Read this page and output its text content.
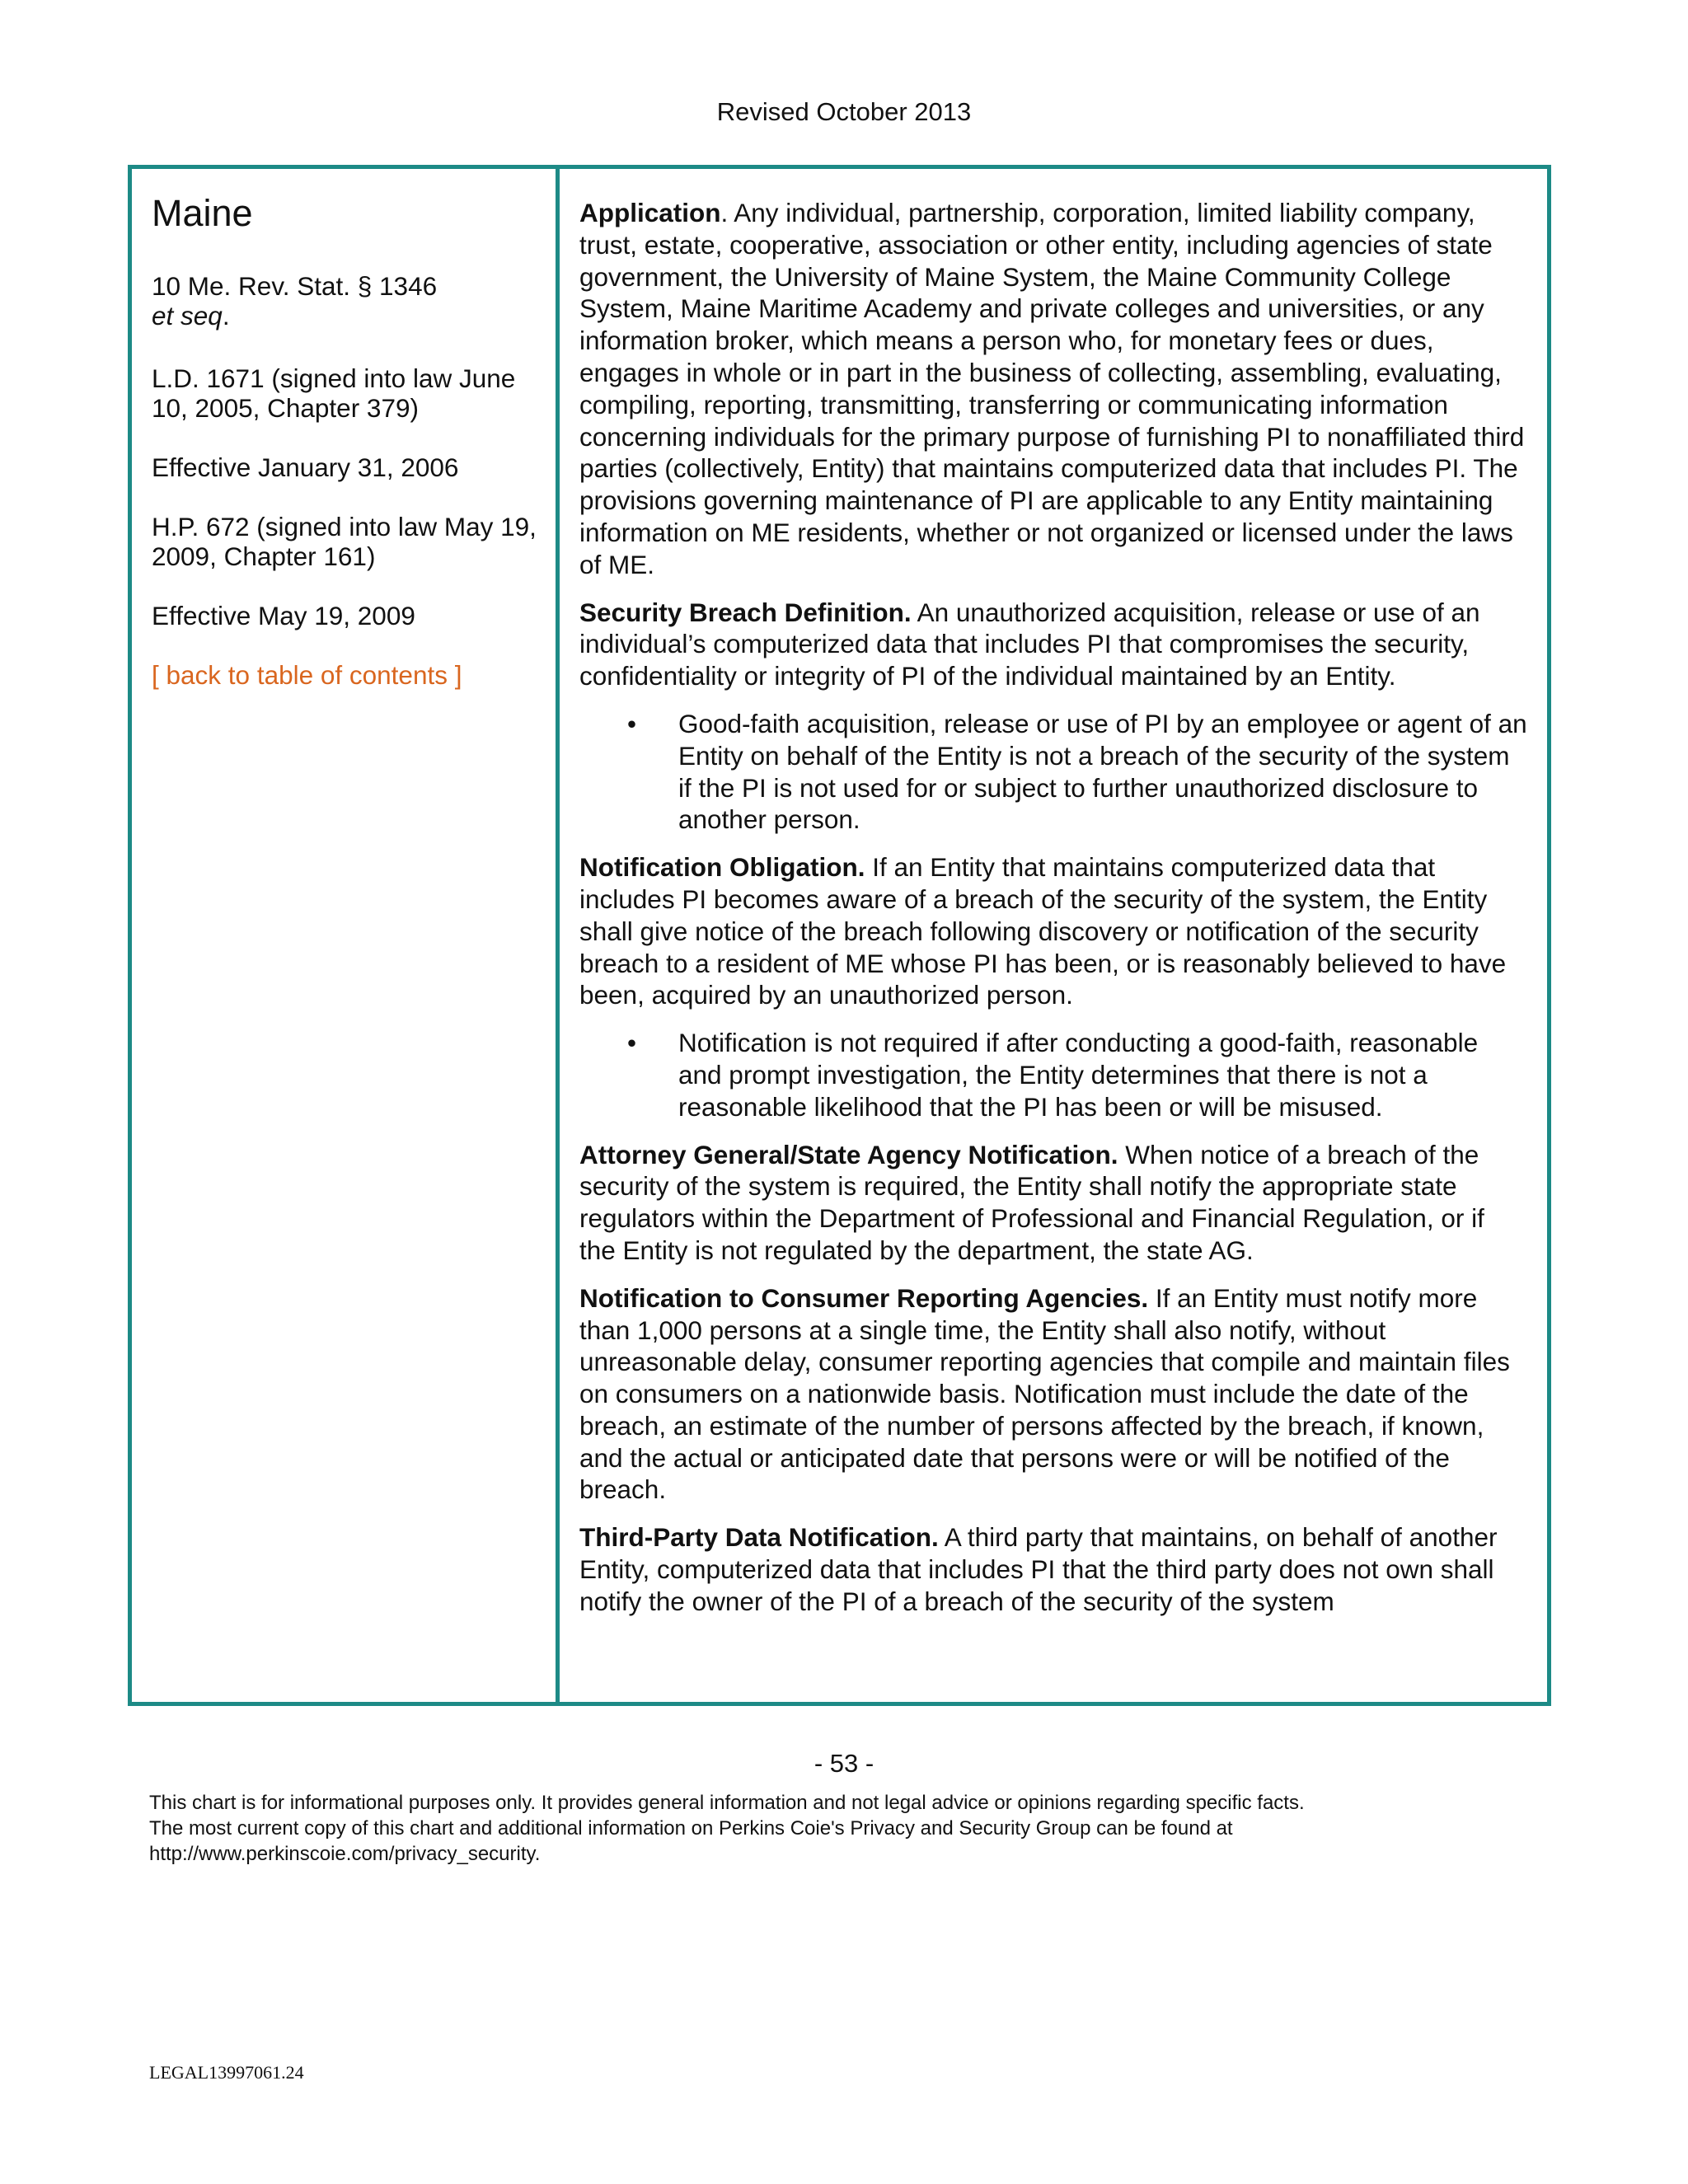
Revised October 2013
Maine

10 Me. Rev. Stat. § 1346
et seq.

L.D. 1671 (signed into law June 10, 2005, Chapter 379)

Effective January 31, 2006

H.P. 672 (signed into law May 19, 2009, Chapter 161)

Effective May 19, 2009

[ back to table of contents ]

Application. Any individual, partnership, corporation, limited liability company, trust, estate, cooperative, association or other entity, including agencies of state government, the University of Maine System, the Maine Community College System, Maine Maritime Academy and private colleges and universities, or any information broker, which means a person who, for monetary fees or dues, engages in whole or in part in the business of collecting, assembling, evaluating, compiling, reporting, transmitting, transferring or communicating information concerning individuals for the primary purpose of furnishing PI to nonaffiliated third parties (collectively, Entity) that maintains computerized data that includes PI. The provisions governing maintenance of PI are applicable to any Entity maintaining information on ME residents, whether or not organized or licensed under the laws of ME.

Security Breach Definition. An unauthorized acquisition, release or use of an individual’s computerized data that includes PI that compromises the security, confidentiality or integrity of PI of the individual maintained by an Entity.

• Good-faith acquisition, release or use of PI by an employee or agent of an Entity on behalf of the Entity is not a breach of the security of the system if the PI is not used for or subject to further unauthorized disclosure to another person.

Notification Obligation. If an Entity that maintains computerized data that includes PI becomes aware of a breach of the security of the system, the Entity shall give notice of the breach following discovery or notification of the security breach to a resident of ME whose PI has been, or is reasonably believed to have been, acquired by an unauthorized person.

• Notification is not required if after conducting a good-faith, reasonable and prompt investigation, the Entity determines that there is not a reasonable likelihood that the PI has been or will be misused.

Attorney General/State Agency Notification. When notice of a breach of the security of the system is required, the Entity shall notify the appropriate state regulators within the Department of Professional and Financial Regulation, or if the Entity is not regulated by the department, the state AG.

Notification to Consumer Reporting Agencies. If an Entity must notify more than 1,000 persons at a single time, the Entity shall also notify, without unreasonable delay, consumer reporting agencies that compile and maintain files on consumers on a nationwide basis. Notification must include the date of the breach, an estimate of the number of persons affected by the breach, if known, and the actual or anticipated date that persons were or will be notified of the breach.

Third-Party Data Notification. A third party that maintains, on behalf of another Entity, computerized data that includes PI that the third party does not own shall notify the owner of the PI of a breach of the security of the system

- 53 -
This chart is for informational purposes only. It provides general information and not legal advice or opinions regarding specific facts.
The most current copy of this chart and additional information on Perkins Coie's Privacy and Security Group can be found at
http://www.perkinscoie.com/privacy_security.
LEGAL13997061.24
